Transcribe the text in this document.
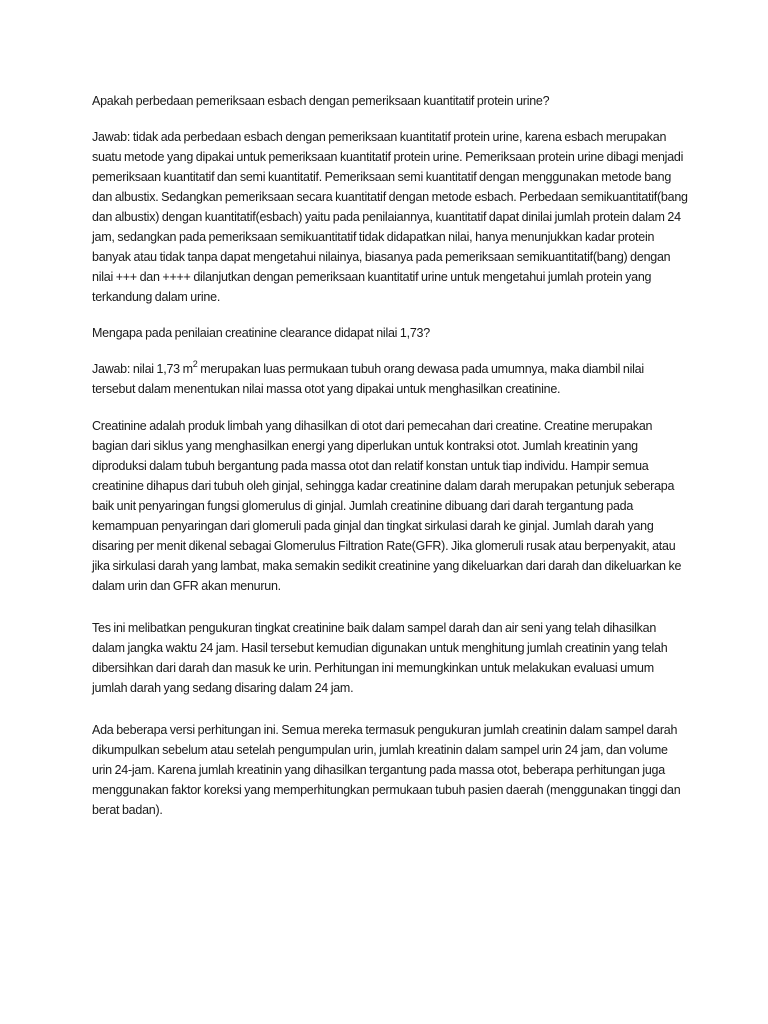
Apakah perbedaan pemeriksaan esbach dengan pemeriksaan kuantitatif protein urine?

Jawab: tidak ada perbedaan esbach dengan pemeriksaan kuantitatif protein urine, karena esbach merupakan suatu metode yang dipakai untuk pemeriksaan kuantitatif protein urine. Pemeriksaan protein urine dibagi menjadi pemeriksaan kuantitatif dan semi kuantitatif. Pemeriksaan semi kuantitatif dengan menggunakan metode bang dan albustix. Sedangkan pemeriksaan secara kuantitatif dengan metode esbach. Perbedaan semikuantitatif(bang dan albustix) dengan kuantitatif(esbach) yaitu pada penilaiannya, kuantitatif dapat dinilai jumlah protein dalam 24 jam, sedangkan pada pemeriksaan semikuantitatif tidak didapatkan nilai, hanya menunjukkan kadar protein banyak atau tidak tanpa dapat mengetahui nilainya, biasanya pada pemeriksaan semikuantitatif(bang) dengan nilai +++ dan ++++ dilanjutkan dengan pemeriksaan kuantitatif urine untuk mengetahui jumlah protein yang terkandung dalam urine.

Mengapa pada penilaian creatinine clearance didapat nilai 1,73?

Jawab: nilai 1,73 $m^2$ merupakan luas permukaan tubuh orang dewasa pada umumnya, maka diambil nilai tersebut dalam menentukan nilai massa otot yang dipakai untuk menghasilkan creatinine.

Creatinine adalah produk limbah yang dihasilkan di otot dari pemecahan dari creatine. Creatine merupakan bagian dari siklus yang menghasilkan energi yang diperlukan untuk kontraksi otot. Jumlah kreatinin yang diproduksi dalam tubuh bergantung pada massa otot dan relatif konstan untuk tiap individu. Hampir semua creatinine dihapus dari tubuh oleh ginjal, sehingga kadar creatinine dalam darah merupakan petunjuk seberapa baik unit penyaringan fungsi glomerulus di ginjal. Jumlah creatinine dibuang dari darah tergantung pada kemampuan penyaringan dari glomeruli pada ginjal dan tingkat sirkulasi darah ke ginjal. Jumlah darah yang disaring per menit dikenal sebagai Glomerulus Filtration Rate(GFR). Jika glomeruli rusak atau berpenyakit, atau jika sirkulasi darah yang lambat, maka semakin sedikit creatinine yang dikeluarkan dari darah dan dikeluarkan ke dalam urin dan GFR akan menurun.

Tes ini melibatkan pengukuran tingkat creatinine baik dalam sampel darah dan air seni yang telah dihasilkan dalam jangka waktu 24 jam. Hasil tersebut kemudian digunakan untuk menghitung jumlah creatinin yang telah dibersihkan dari darah dan masuk ke urin. Perhitungan ini memungkinkan untuk melakukan evaluasi umum jumlah darah yang sedang disaring dalam 24 jam.

Ada beberapa versi perhitungan ini. Semua mereka termasuk pengukuran jumlah creatinin dalam sampel darah dikumpulkan sebelum atau setelah pengumpulan urin, jumlah kreatinin dalam sampel urin 24 jam, dan volume urin 24-jam. Karena jumlah kreatinin yang dihasilkan tergantung pada massa otot, beberapa perhitungan juga menggunakan faktor koreksi yang memperhitungkan permukaan tubuh pasien daerah (menggunakan tinggi dan berat badan).
